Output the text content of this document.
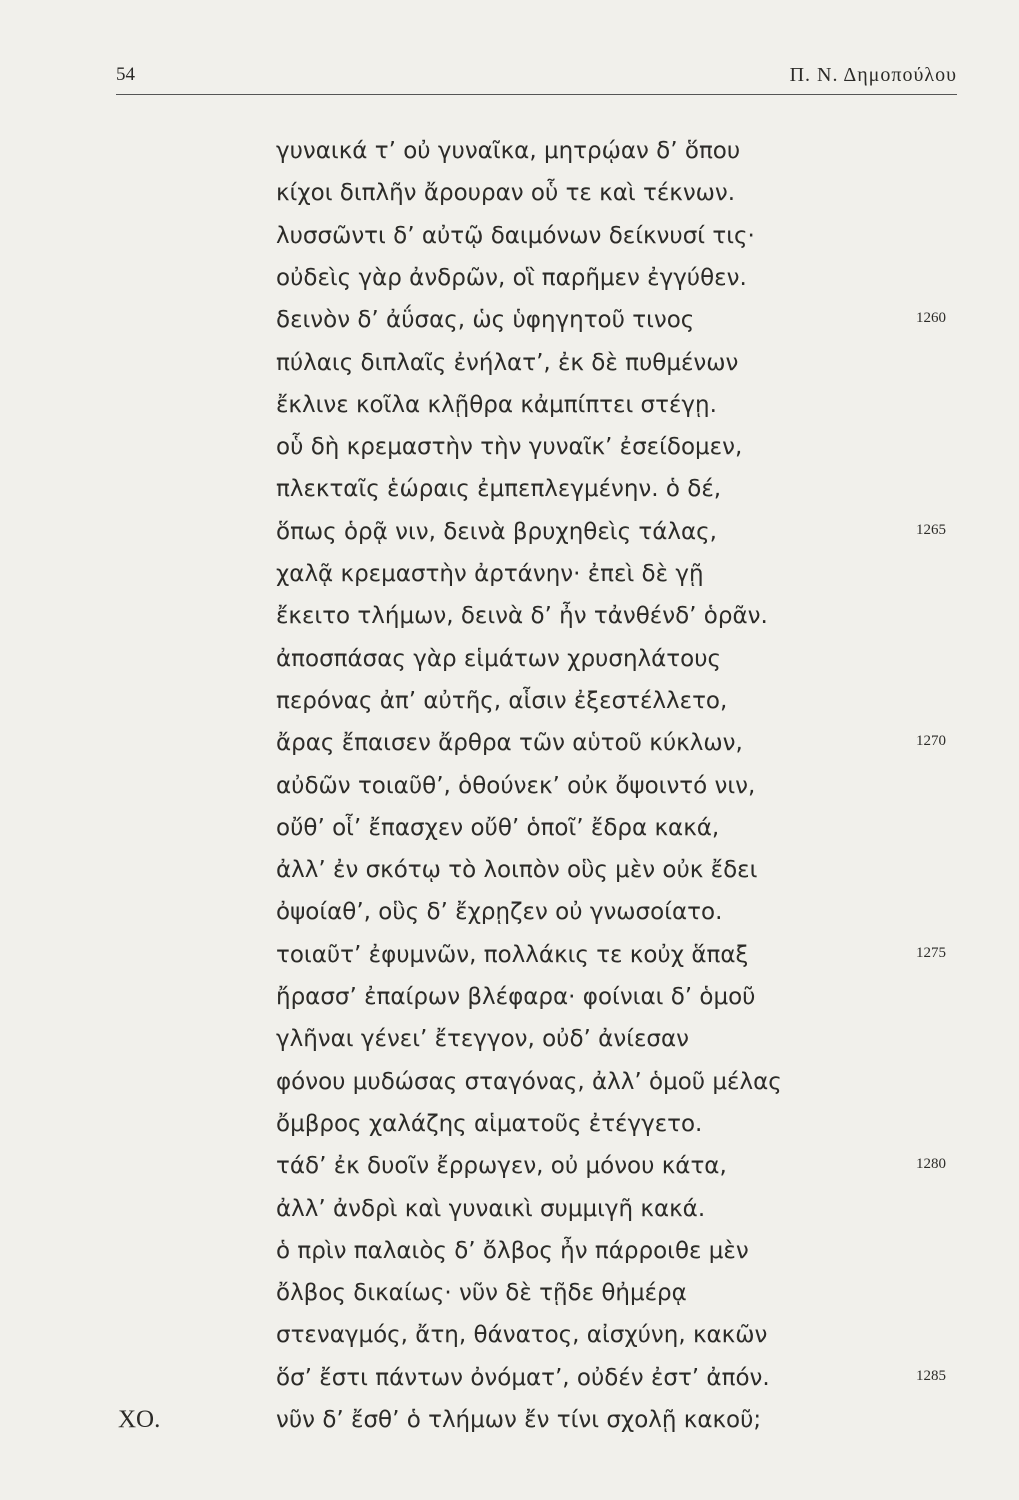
54	Π. Ν. Δημοπούλου
γυναικά τ’ οὐ γυναῖκα, μητρῴαν δ’ ὅπου
κίχοι διπλῆν ἄρουραν οὗ τε καὶ τέκνων.
λυσσῶντι δ’ αὐτῷ δαιμόνων δείκνυσί τις·
οὐδεὶς γὰρ ἀνδρῶν, οἳ παρῆμεν ἐγγύθεν.
δεινὸν δ’ ἀΰσας, ὡς ὑφηγητοῦ τινος	1260
πύλαις διπλαῖς ἐνήλατ’, ἐκ δὲ πυθμένων
ἔκλινε κοῖλα κλῇθρα κἀμπίπτει στέγῃ.
οὗ δὴ κρεμαστὴν τὴν γυναῖκ’ ἐσείδομεν,
πλεκταῖς ἑώραις ἐμπεπλεγμένην. ὁ δέ,
ὅπως ὁρᾷ νιν, δεινὰ βρυχηθεὶς τάλας,	1265
χαλᾷ κρεμαστὴν ἀρτάνην· ἐπεὶ δὲ γῇ
ἔκειτο τλήμων, δεινὰ δ’ ἦν τἀνθένδ’ ὁρᾶν.
ἀποσπάσας γὰρ εἱμάτων χρυσηλάτους
περόνας ἀπ’ αὐτῆς, αἷσιν ἐξεστέλλετο,
ἄρας ἔπαισεν ἄρθρα τῶν αὑτοῦ κύκλων,	1270
αὐδῶν τοιαῦθ’, ὁθούνεκ’ οὐκ ὄψοιντό νιν,
οὔθ’ οἷ’ ἔπασχεν οὔθ’ ὁποῖ’ ἔδρα κακά,
ἀλλ’ ἐν σκότῳ τὸ λοιπὸν οὓς μὲν οὐκ ἔδει
ὀψοίαθ’, οὓς δ’ ἔχρῃζεν οὐ γνωσοίατο.
τοιαῦτ’ ἐφυμνῶν, πολλάκις τε κοὐχ ἅπαξ	1275
ἤρασσ’ ἐπαίρων βλέφαρα· φοίνιαι δ’ ὁμοῦ
γλῆναι γένει’ ἔτεγγον, οὐδ’ ἀνίεσαν
φόνου μυδώσας σταγόνας, ἀλλ’ ὁμοῦ μέλας
ὄμβρος χαλάζης αἱματοῦς ἐτέγγετο.
τάδ’ ἐκ δυοῖν ἔρρωγεν, οὐ μόνου κάτα,	1280
ἀλλ’ ἀνδρὶ καὶ γυναικὶ συμμιγῆ κακά.
ὁ πρὶν παλαιὸς δ’ ὄλβος ἦν πάρροιθε μὲν
ὄλβος δικαίως· νῦν δὲ τῇδε θἠμέρᾳ
στεναγμός, ἄτη, θάνατος, αἰσχύνη, κακῶν
ὅσ’ ἔστι πάντων ὀνόματ’, οὐδέν ἐστ’ ἀπόν.	1285
νῦν δ’ ἔσθ’ ὁ τλήμων ἔν τίνι σχολῇ κακοῦ;
ΧΟ.
